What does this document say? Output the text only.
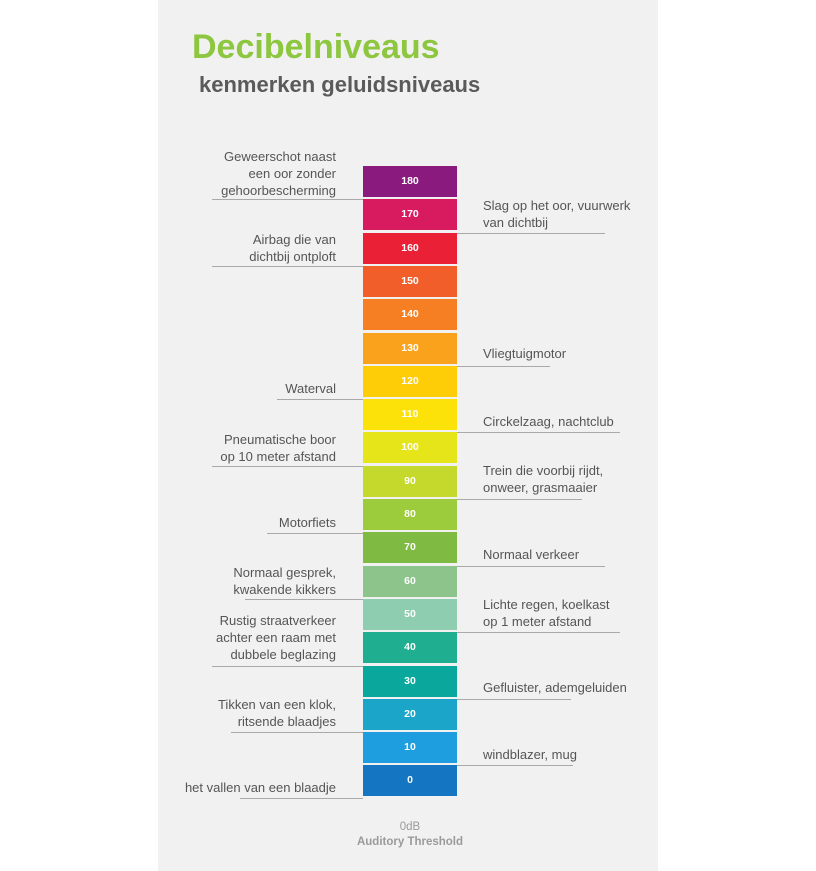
Decibelniveaus
kenmerken geluidsniveaus
180
170
160
150
140
130
120
110
100
90
80
70
60
50
40
30
20
10
0
Geweerschot naast
een oor zonder
gehoorbescherming
Airbag die van
dichtbij ontploft
Waterval
Pneumatische boor
op 10 meter afstand
Motorfiets
Normaal gesprek,
kwakende kikkers
Rustig straatverkeer
achter een raam met
dubbele beglazing
Tikken van een klok,
ritsende blaadjes
het vallen van een blaadje
Slag op het oor, vuurwerk
van dichtbij
Vliegtuigmotor
Circkelzaag, nachtclub
Trein die voorbij rijdt,
onweer, grasmaaier
Normaal verkeer
Lichte regen, koelkast
op 1 meter afstand
Gefluister, ademgeluiden
windblazer, mug
0dB
Auditory Threshold
